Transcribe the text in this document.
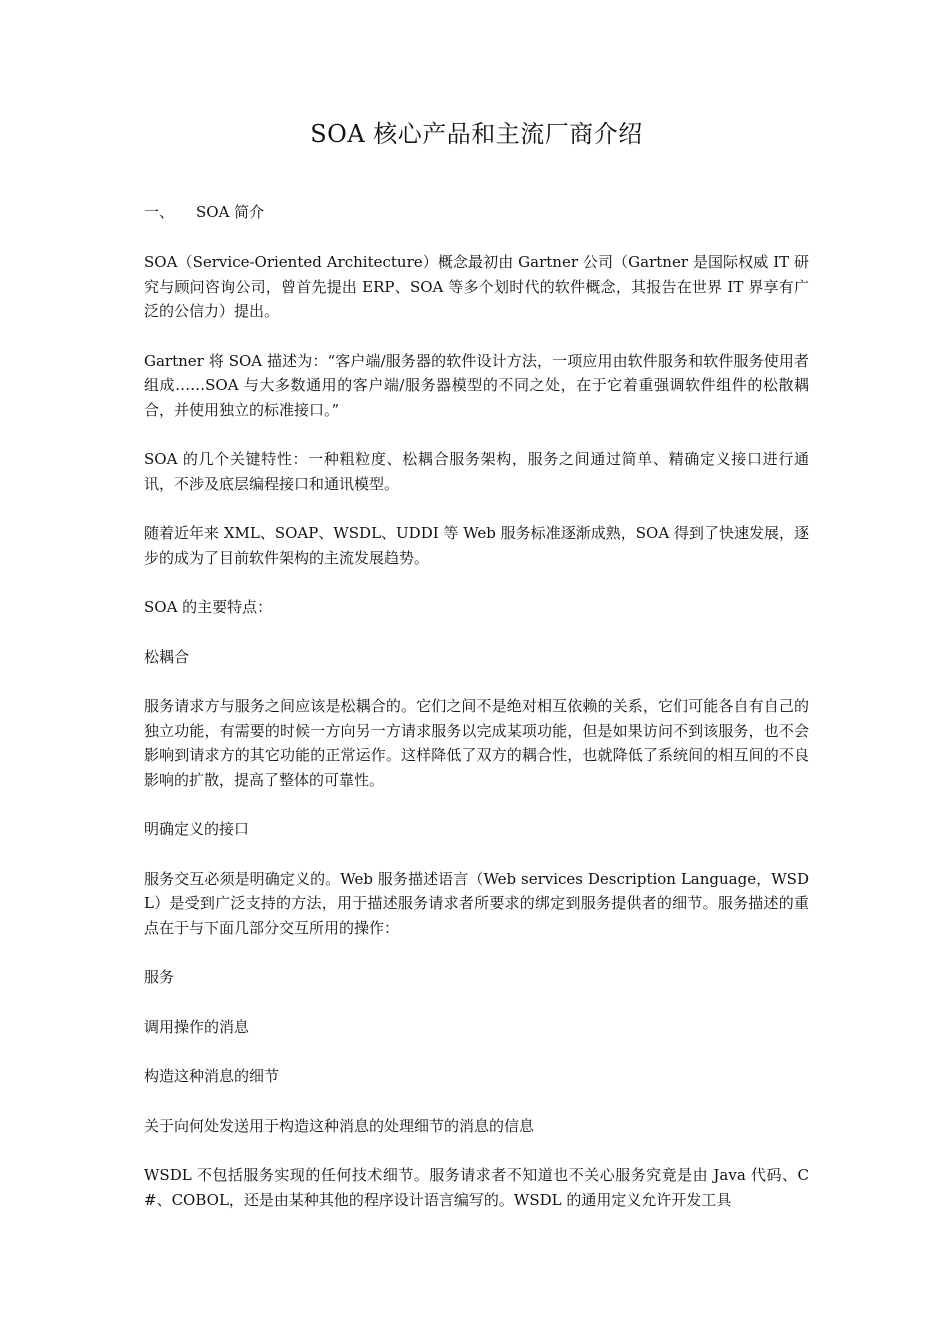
SOA 核心产品和主流厂商介绍
一、 SOA 简介

SOA（Service-Oriented Architecture）概念最初由 Gartner 公司（Gartner 是国际权威 IT 研究与顾问咨询公司，曾首先提出 ERP、SOA 等多个划时代的软件概念，其报告在世界 IT 界享有广泛的公信力）提出。

Gartner 将 SOA 描述为：“客户端/服务器的软件设计方法，一项应用由软件服务和软件服务使用者组成……SOA 与大多数通用的客户端/服务器模型的不同之处，在于它着重强调软件组件的松散耦合，并使用独立的标准接口。”

SOA 的几个关键特性：一种粗粒度、松耦合服务架构，服务之间通过简单、精确定义接口进行通讯，不涉及底层编程接口和通讯模型。

随着近年来 XML、SOAP、WSDL、UDDI 等 Web 服务标准逐渐成熟，SOA 得到了快速发展，逐步的成为了目前软件架构的主流发展趋势。

SOA 的主要特点：

松耦合

服务请求方与服务之间应该是松耦合的。它们之间不是绝对相互依赖的关系，它们可能各自有自己的独立功能，有需要的时候一方向另一方请求服务以完成某项功能，但是如果访问不到该服务，也不会影响到请求方的其它功能的正常运作。这样降低了双方的耦合性，也就降低了系统间的相互间的不良影响的扩散，提高了整体的可靠性。

明确定义的接口

服务交互必须是明确定义的。Web 服务描述语言（Web services Description Language，WSDL）是受到广泛支持的方法，用于描述服务请求者所要求的绑定到服务提供者的细节。服务描述的重点在于与下面几部分交互所用的操作：

服务

调用操作的消息

构造这种消息的细节

关于向何处发送用于构造这种消息的处理细节的消息的信息

WSDL 不包括服务实现的任何技术细节。服务请求者不知道也不关心服务究竟是由 Java 代码、C#、COBOL，还是由某种其他的程序设计语言编写的。WSDL 的通用定义允许开发工具
